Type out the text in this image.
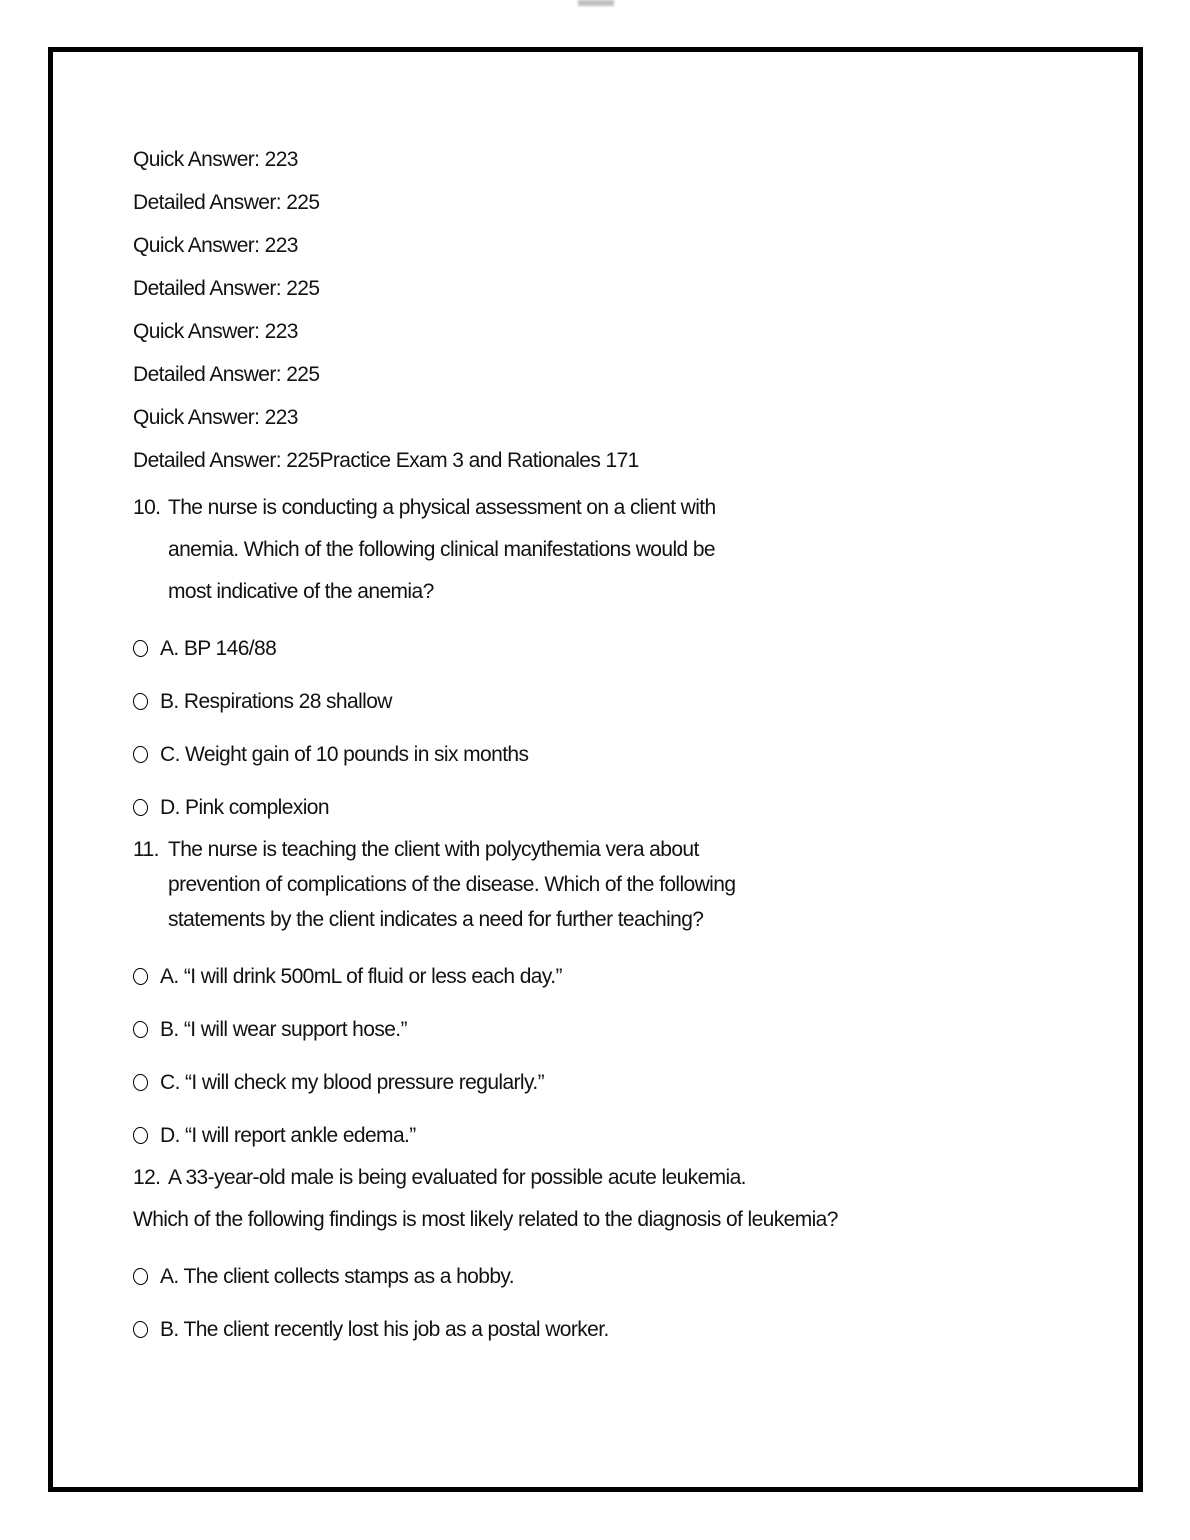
Quick Answer: 223
Detailed Answer: 225
Quick Answer: 223
Detailed Answer: 225
Quick Answer: 223
Detailed Answer: 225
Quick Answer: 223
Detailed Answer: 225Practice Exam 3 and Rationales 171
10. The nurse is conducting a physical assessment on a client with
anemia. Which of the following clinical manifestations would be
most indicative of the anemia?
A. BP 146/88
B. Respirations 28 shallow
C. Weight gain of 10 pounds in six months
D. Pink complexion
11. The nurse is teaching the client with polycythemia vera about
prevention of complications of the disease. Which of the following
statements by the client indicates a need for further teaching?
A. “I will drink 500mL of fluid or less each day.”
B. “I will wear support hose.”
C. “I will check my blood pressure regularly.”
D. “I will report ankle edema.”
12. A 33-year-old male is being evaluated for possible acute leukemia.
Which of the following findings is most likely related to the diagnosis of leukemia?
A. The client collects stamps as a hobby.
B. The client recently lost his job as a postal worker.
